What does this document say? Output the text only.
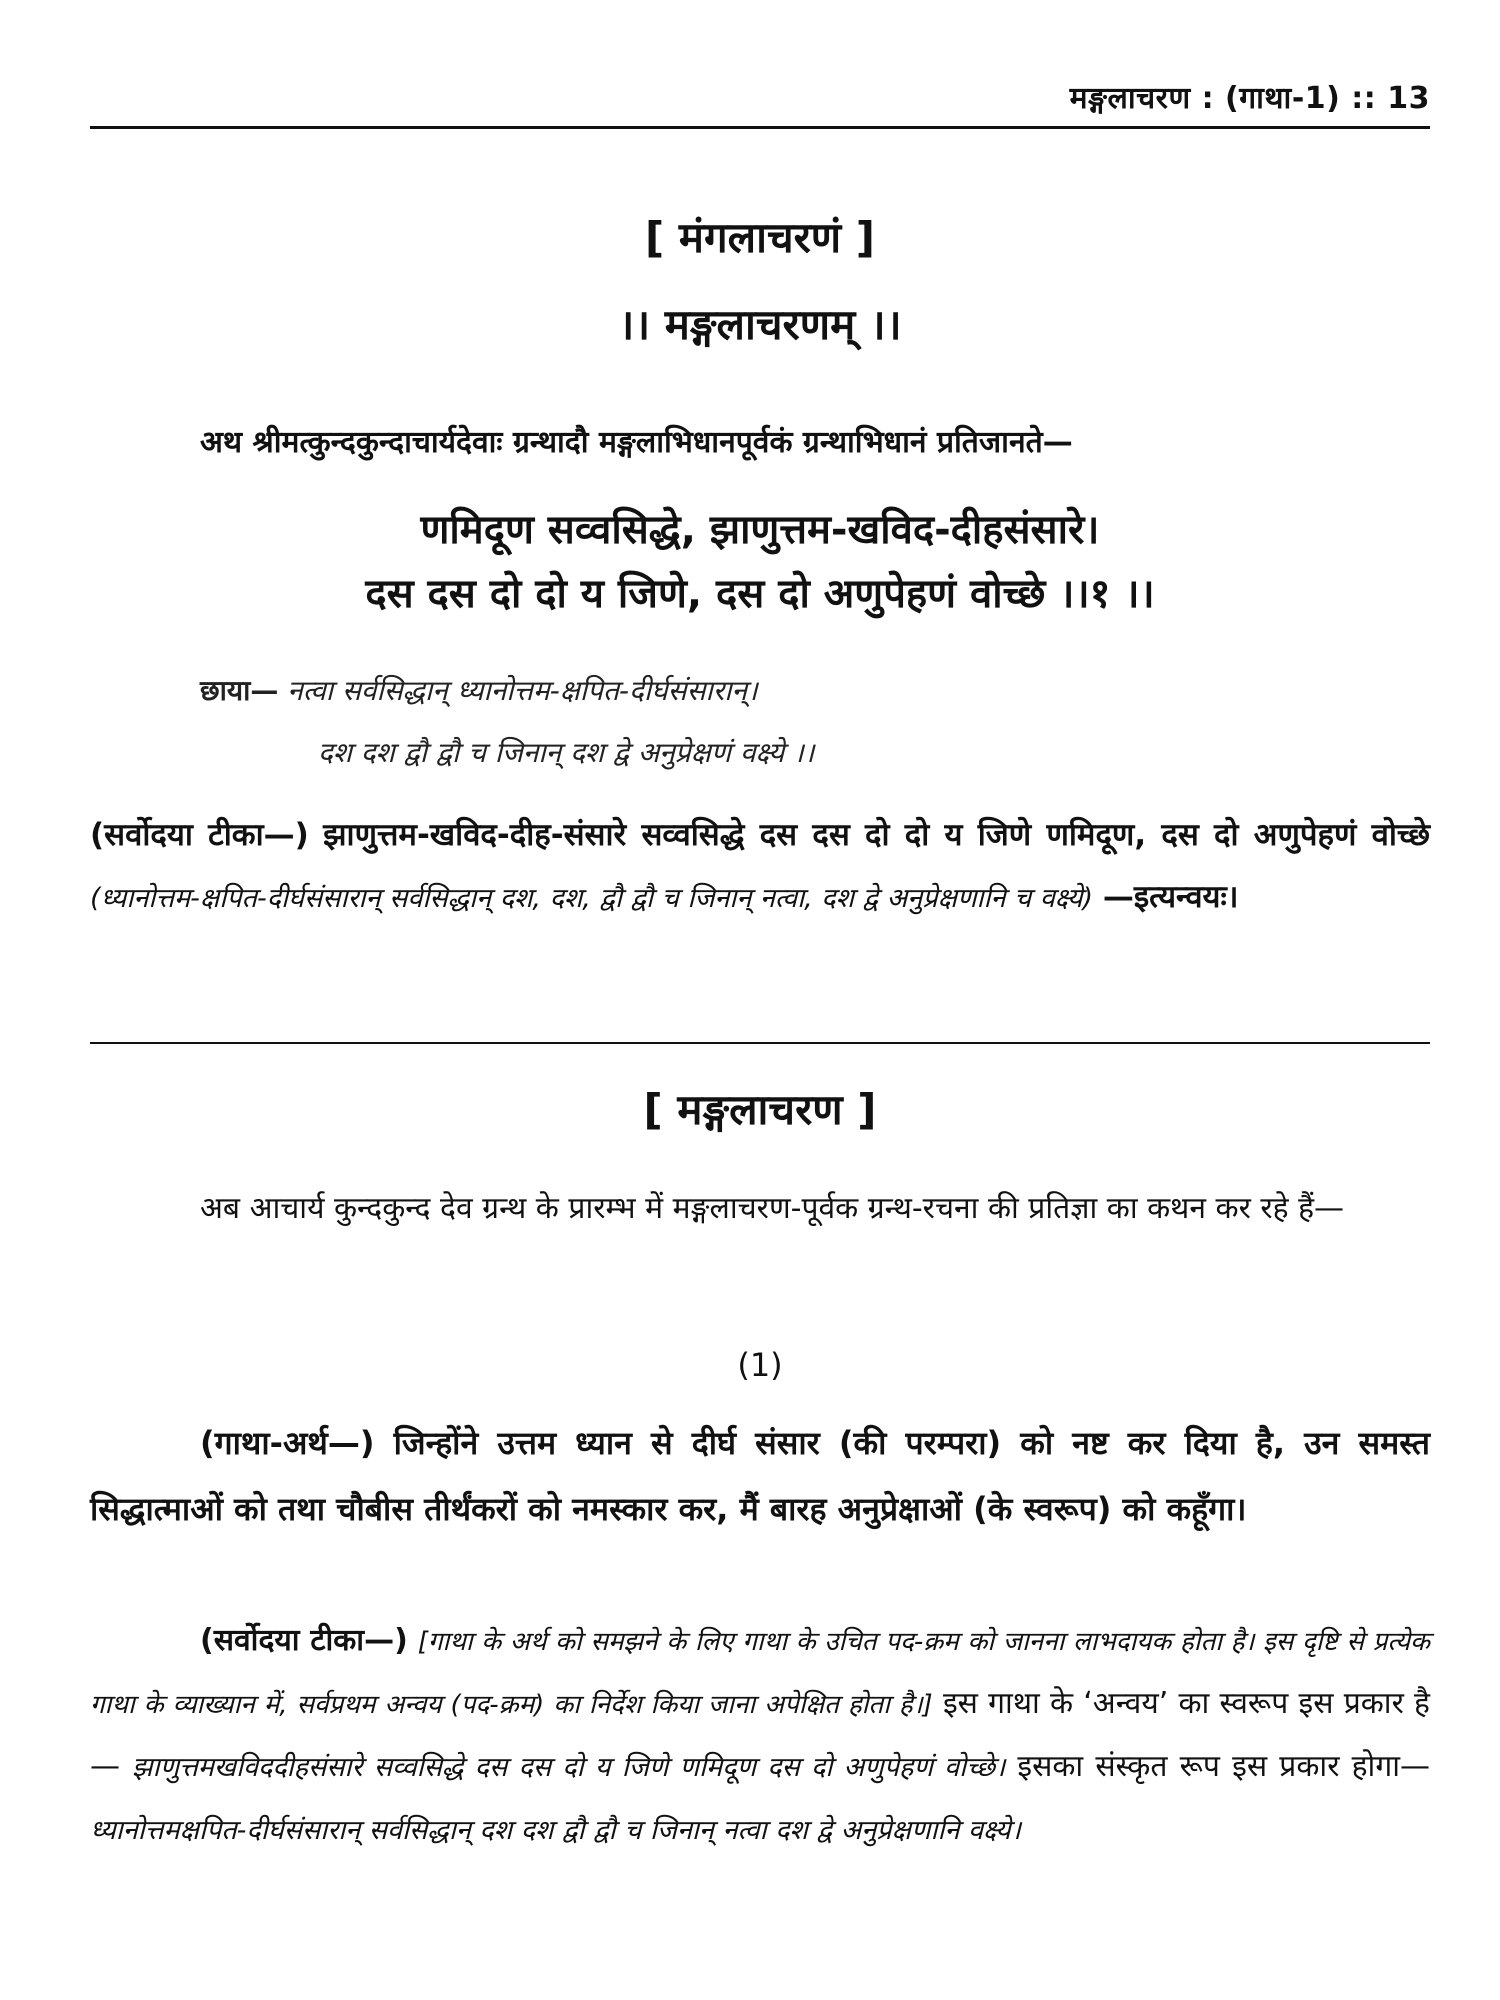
मङ्गलाचरण : (गाथा-1) :: 13
[ मंगलाचरणं ]
।। मङ्गलाचरणम् ।।
अथ श्रीमत्कुन्दकुन्दाचार्यदेवाः ग्रन्थादौ मङ्गलाभिधानपूर्वकं ग्रन्थाभिधानं प्रतिजानते—
णमिदूण सव्वसिद्धे, झाणुत्तम-खविद-दीहसंसारे।
दस दस दो दो य जिणे, दस दो अणुपेहणं वोच्छे ।।१ ।।
छाया— नत्वा सर्वसिद्धान् ध्यानोत्तम-क्षपित-दीर्घसंसारान्।
दश दश द्वौ द्वौ च जिनान् दश द्वे अनुप्रेक्षणं वक्ष्ये ।।
(सर्वोदया टीका—) झाणुत्तम-खविद-दीह-संसारे सव्वसिद्धे दस दस दो दो य जिणे णमिदूण, दस दो अणुपेहणं वोच्छे (ध्यानोत्तम-क्षपित-दीर्घसंसारान् सर्वसिद्धान् दश, दश, द्वौ द्वौ च जिनान् नत्वा, दश द्वे अनुप्रेक्षणानि च वक्ष्ये) —इत्यन्वयः।
[ मङ्गलाचरण ]
अब आचार्य कुन्दकुन्द देव ग्रन्थ के प्रारम्भ में मङ्गलाचरण-पूर्वक ग्रन्थ-रचना की प्रतिज्ञा का कथन कर रहे हैं—
(1)
(गाथा-अर्थ—) जिन्होंने उत्तम ध्यान से दीर्घ संसार (की परम्परा) को नष्ट कर दिया है, उन समस्त सिद्धात्माओं को तथा चौबीस तीर्थंकरों को नमस्कार कर, मैं बारह अनुप्रेक्षाओं (के स्वरूप) को कहूँगा।
(सर्वोदया टीका—) [गाथा के अर्थ को समझने के लिए गाथा के उचित पद-क्रम को जानना लाभदायक होता है। इस दृष्टि से प्रत्येक गाथा के व्याख्यान में, सर्वप्रथम अन्वय (पद-क्रम) का निर्देश किया जाना अपेक्षित होता है।] इस गाथा के ‘अन्वय’ का स्वरूप इस प्रकार है— झाणुत्तमखविददीहसंसारे सव्वसिद्धे दस दस दो य जिणे णमिदूण दस दो अणुपेहणं वोच्छे। इसका संस्कृत रूप इस प्रकार होगा— ध्यानोत्तमक्षपित-दीर्घसंसारान् सर्वसिद्धान् दश दश द्वौ द्वौ च जिनान् नत्वा दश द्वे अनुप्रेक्षणानि वक्ष्ये।
